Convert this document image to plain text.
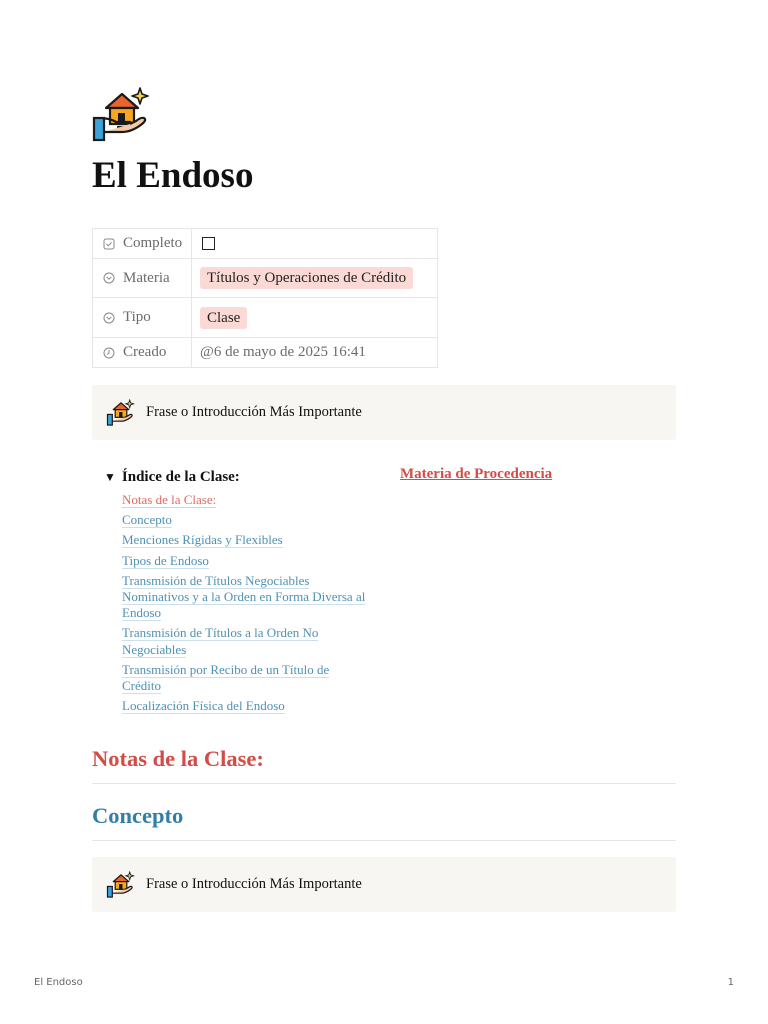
El Endoso
Completo
Materia	Títulos y Operaciones de Crédito
Tipo	Clase
Creado @6 de mayo de 2025 16:41
Frase o Introducción Más Importante
▼ Índice de la Clase:
Notas de la Clase:
Concepto
Menciones Rígidas y Flexibles
Tipos de Endoso
Transmisión de Títulos Negociables Nominativos y a la Orden en Forma Diversa al Endoso
Transmisión de Títulos a la Orden No Negociables
Transmisión por Recibo de un Título de Crédito
Localización Física del Endoso
Materia de Procedencia
Notas de la Clase:
Concepto
Frase o Introducción Más Importante
El Endoso	1
